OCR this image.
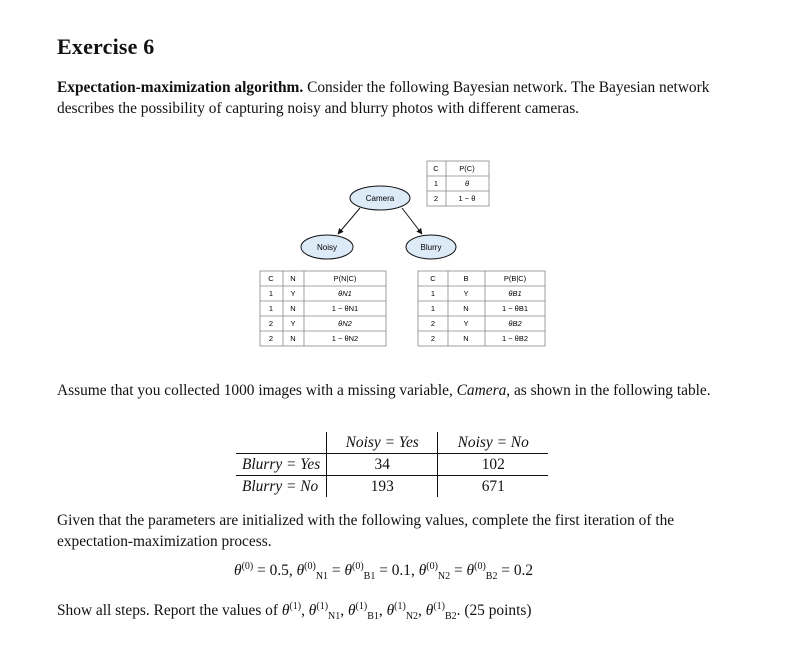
Exercise 6
Expectation-maximization algorithm. Consider the following Bayesian network. The Bayesian network describes the possibility of capturing noisy and blurry photos with different cameras.
Camera
Noisy	Blurry
C	P(C)
1	θ
2	1 − θ
C N	P(N|C)
1 Y	θN1
1 N	1 − θN1
2 Y	θN2
2 N	1 − θN2
C	B	P(B|C)
1	Y	θB1
1	N	1 − θB1
2	Y	θB2
2	N	1 − θB2
Assume that you collected 1000 images with a missing variable, Camera, as shown in the following table.
	Noisy = Yes	Noisy = No
Blurry = Yes	34	102
Blurry = No	193	671
Given that the parameters are initialized with the following values, complete the first iteration of the expectation-maximization process.
$\theta^{(0)} = 0.5$, $\theta^{(0)}_{N1} = \theta^{(0)}_{B1} = 0.1$, $\theta^{(0)}_{N2} = \theta^{(0)}_{B2} = 0.2$
Show all steps. Report the values of $\theta^{(1)}$, $\theta^{(1)}_{N1}$, $\theta^{(1)}_{B1}$, $\theta^{(1)}_{N2}$, $\theta^{(1)}_{B2}$. (25 points)
